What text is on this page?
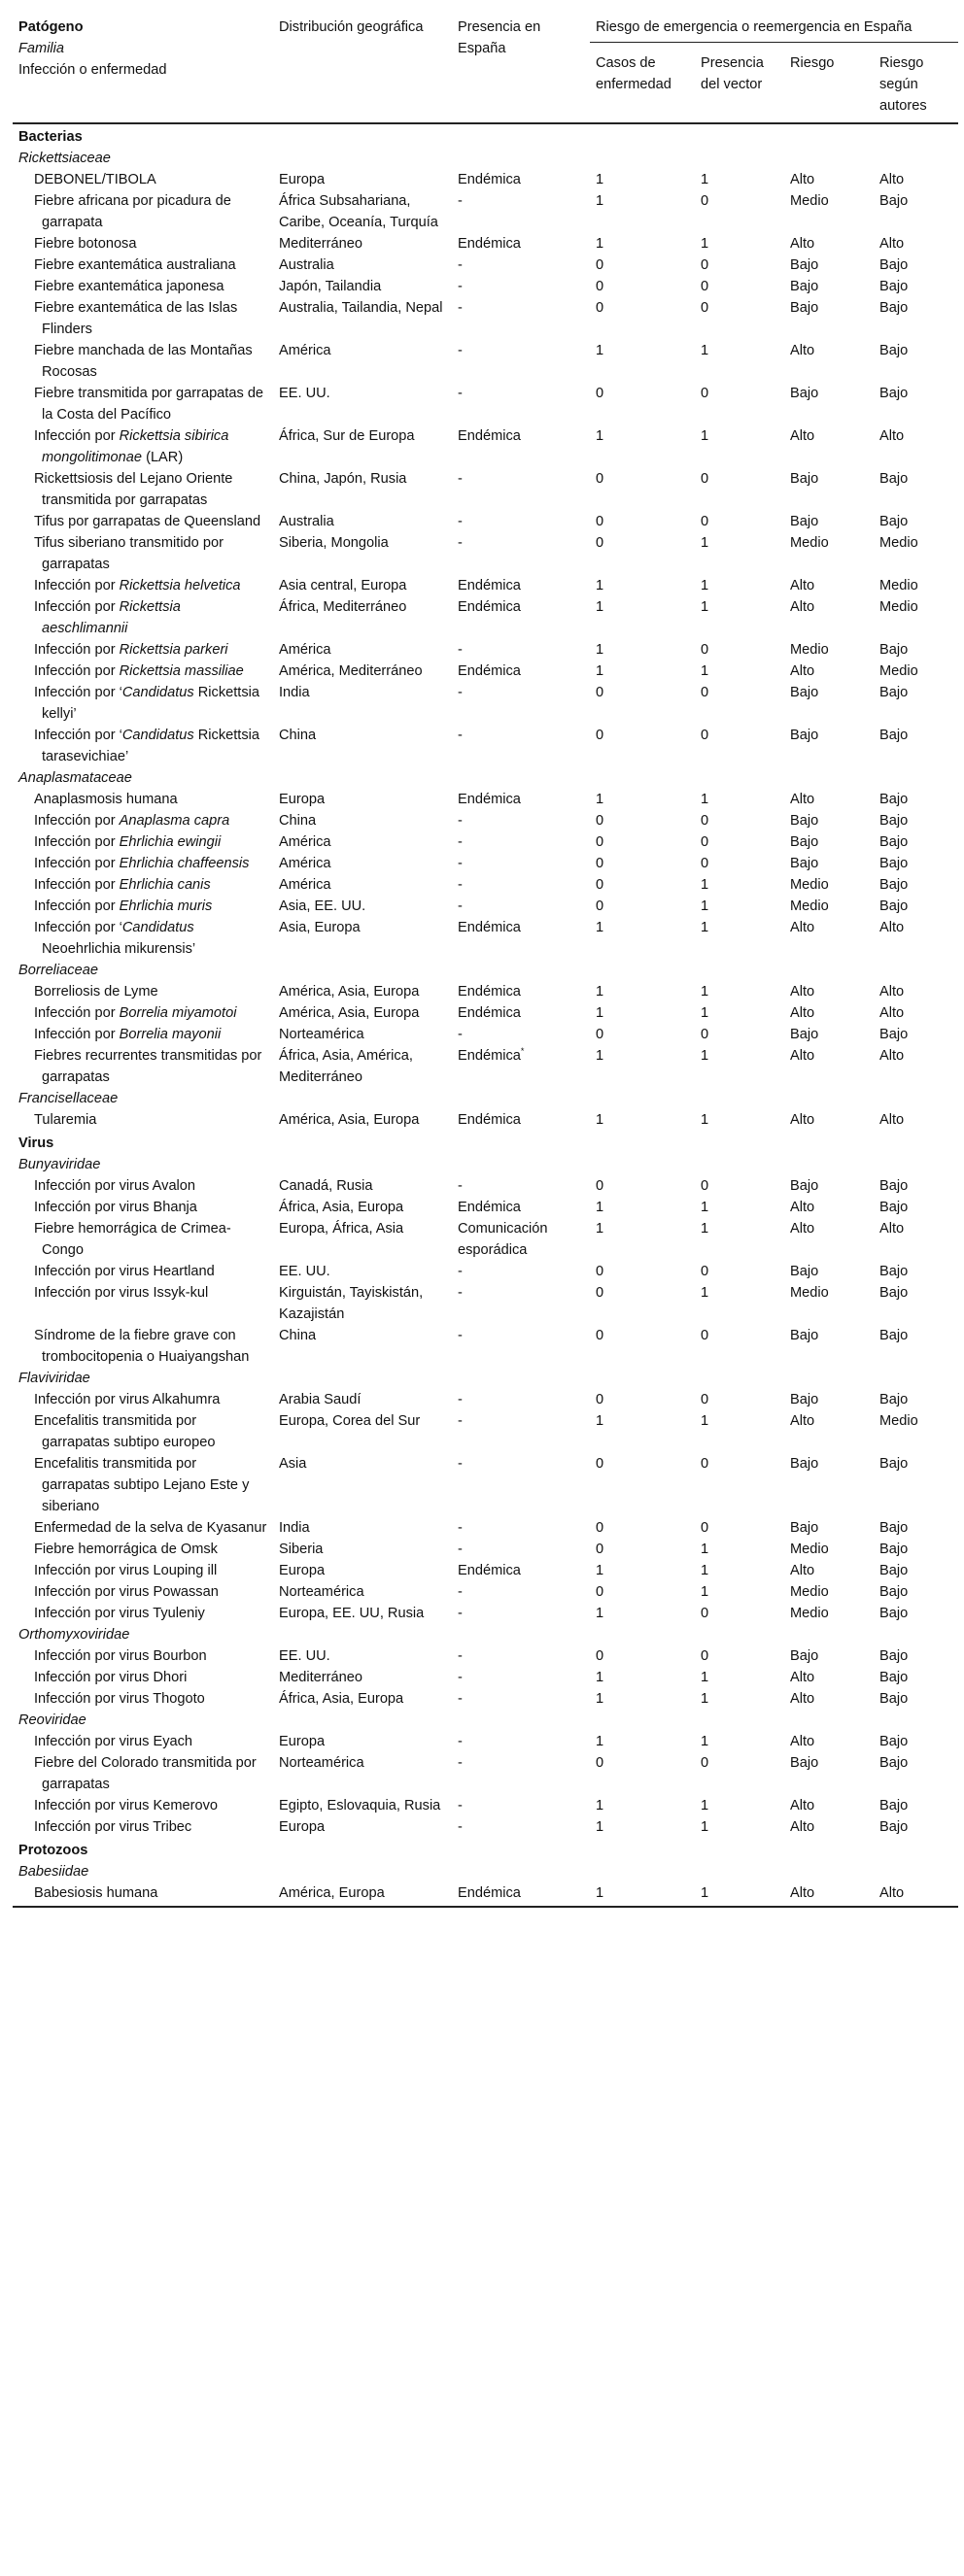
Patógeno
Familia
Infección o enfermedad	Distribución geográfica	Presencia en España	Riesgo de emergencia o reemergencia en España			
			Casos de enfermedad	Presencia del vector	Riesgo	Riesgo según autores
Bacterias						
Rickettsiaceae						
DEBONEL/TIBOLA	Europa	Endémica	1	1	Alto	Alto
Fiebre africana por picadura de garrapata	África Subsahariana, Caribe, Oceanía, Turquía	-	1	0	Medio	Bajo
Fiebre botonosa	Mediterráneo	Endémica	1	1	Alto	Alto
Fiebre exantemática australiana	Australia	-	0	0	Bajo	Bajo
Fiebre exantemática japonesa	Japón, Tailandia	-	0	0	Bajo	Bajo
Fiebre exantemática de las Islas Flinders	Australia, Tailandia, Nepal	-	0	0	Bajo	Bajo
Fiebre manchada de las Montañas Rocosas	América	-	1	1	Alto	Bajo
Fiebre transmitida por garrapatas de la Costa del Pacífico	EE. UU.	-	0	0	Bajo	Bajo
Infección por Rickettsia sibirica mongolitimonae (LAR)	África, Sur de Europa	Endémica	1	1	Alto	Alto
Rickettsiosis del Lejano Oriente transmitida por garrapatas	China, Japón, Rusia	-	0	0	Bajo	Bajo
Tifus por garrapatas de Queensland	Australia	-	0	0	Bajo	Bajo
Tifus siberiano transmitido por garrapatas	Siberia, Mongolia	-	0	1	Medio	Medio
Infección por Rickettsia helvetica	Asia central, Europa	Endémica	1	1	Alto	Medio
Infección por Rickettsia aeschlimannii	África, Mediterráneo	Endémica	1	1	Alto	Medio
Infección por Rickettsia parkeri	América	-	1	0	Medio	Bajo
Infección por Rickettsia massiliae	América, Mediterráneo	Endémica	1	1	Alto	Medio
Infección por ‘Candidatus Rickettsia kellyi’	India	-	0	0	Bajo	Bajo
Infección por ‘Candidatus Rickettsia tarasevichiae’	China	-	0	0	Bajo	Bajo
Anaplasmataceae						
Anaplasmosis humana	Europa	Endémica	1	1	Alto	Bajo
Infección por Anaplasma capra	China	-	0	0	Bajo	Bajo
Infección por Ehrlichia ewingii	América	-	0	0	Bajo	Bajo
Infección por Ehrlichia chaffeensis	América	-	0	0	Bajo	Bajo
Infección por Ehrlichia canis	América	-	0	1	Medio	Bajo
Infección por Ehrlichia muris	Asia, EE. UU.	-	0	1	Medio	Bajo
Infección por ‘Candidatus Neoehrlichia mikurensis’	Asia, Europa	Endémica	1	1	Alto	Alto
Borreliaceae						
Borreliosis de Lyme	América, Asia, Europa	Endémica	1	1	Alto	Alto
Infección por Borrelia miyamotoi	América, Asia, Europa	Endémica	1	1	Alto	Alto
Infección por Borrelia mayonii	Norteamérica	-	0	0	Bajo	Bajo
Fiebres recurrentes transmitidas por garrapatas	África, Asia, América, Mediterráneo	Endémica*	1	1	Alto	Alto
Francisellaceae						
Tularemia	América, Asia, Europa	Endémica	1	1	Alto	Alto
Virus						
Bunyaviridae						
Infección por virus Avalon	Canadá, Rusia	-	0	0	Bajo	Bajo
Infección por virus Bhanja	África, Asia, Europa	Endémica	1	1	Alto	Bajo
Fiebre hemorrágica de Crimea-Congo	Europa, África, Asia	Comunicación esporádica	1	1	Alto	Alto
Infección por virus Heartland	EE. UU.	-	0	0	Bajo	Bajo
Infección por virus Issyk-kul	Kirguistán, Tayiskistán, Kazajistán	-	0	1	Medio	Bajo
Síndrome de la fiebre grave con trombocitopenia o Huaiyangshan	China	-	0	0	Bajo	Bajo
Flaviviridae						
Infección por virus Alkahumra	Arabia Saudí	-	0	0	Bajo	Bajo
Encefalitis transmitida por garrapatas subtipo europeo	Europa, Corea del Sur	-	1	1	Alto	Medio
Encefalitis transmitida por garrapatas subtipo Lejano Este y siberiano	Asia	-	0	0	Bajo	Bajo
Enfermedad de la selva de Kyasanur	India	-	0	0	Bajo	Bajo
Fiebre hemorrágica de Omsk	Siberia	-	0	1	Medio	Bajo
Infección por virus Louping ill	Europa	Endémica	1	1	Alto	Bajo
Infección por virus Powassan	Norteamérica	-	0	1	Medio	Bajo
Infección por virus Tyuleniy	Europa, EE. UU, Rusia	-	1	0	Medio	Bajo
Orthomyxoviridae						
Infección por virus Bourbon	EE. UU.	-	0	0	Bajo	Bajo
Infección por virus Dhori	Mediterráneo	-	1	1	Alto	Bajo
Infección por virus Thogoto	África, Asia, Europa	-	1	1	Alto	Bajo
Reoviridae						
Infección por virus Eyach	Europa	-	1	1	Alto	Bajo
Fiebre del Colorado transmitida por garrapatas	Norteamérica	-	0	0	Bajo	Bajo
Infección por virus Kemerovo	Egipto, Eslovaquia, Rusia	-	1	1	Alto	Bajo
Infección por virus Tribec	Europa	-	1	1	Alto	Bajo
Protozoos						
Babesiidae						
Babesiosis humana	América, Europa	Endémica	1	1	Alto	Alto
